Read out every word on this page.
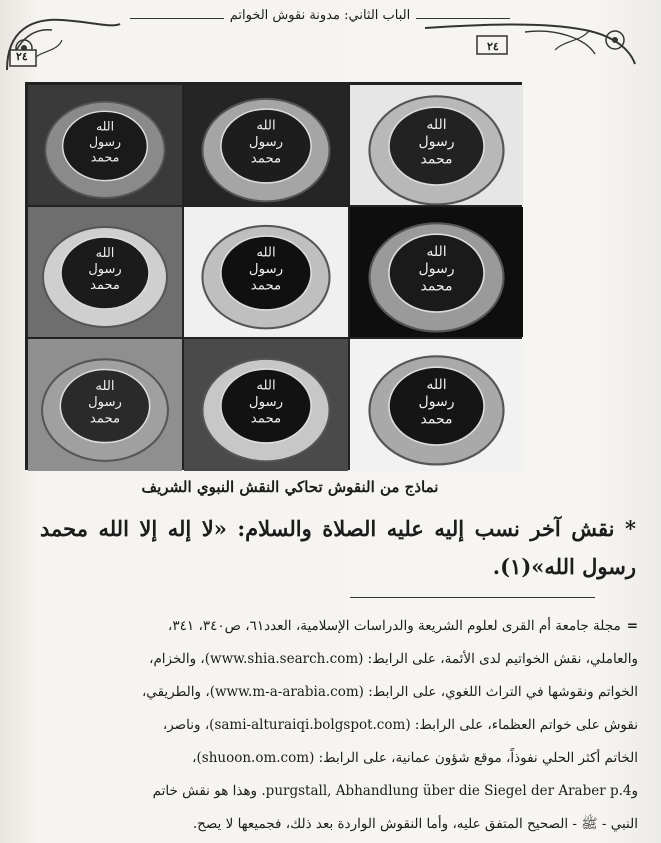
٢٤
٢٤
الباب الثاني: مدونة نقوش الخواتم
الله
رسول
محمد
الله
رسول
محمد
الله
رسول
محمد
الله
رسول
محمد
الله
رسول
محمد
الله
رسول
محمد
الله
رسول
محمد
الله
رسول
محمد
الله
رسول
محمد
نماذج من النقوش تحاكي النقش النبوي الشريف
* نقش آخر نسب إليه عليه الصلاة والسلام: «لا إله إلا الله محمد رسول الله»(١).
=مجلة جامعة أم القرى لعلوم الشريعة والدراسات الإسلامية، العدد٦١، ص٣٤٠، ٣٤١،
والعاملي، نقش الخواتيم لدى الأئمة، على الرابط: (www.shia.search.com)، والخزام،
الخواتم ونقوشها في التراث اللغوي، على الرابط: (www.m-a-arabia.com)، والطريقي،
نقوش على خواتم العظماء، على الرابط: (sami-alturaiqi.bolgspot.com)، وناصر،
الخاتم أكثر الحلي نفوذاً، موقع شؤون عمانية، على الرابط: (shuoon.om.com)،
وpurgstall, Abhandlung über die Siegel der Araber p.4. وهذا هو نقش خاتم
النبي - ﷺ - الصحيح المتفق عليه، وأما النقوش الواردة بعد ذلك، فجميعها لا يصح.
